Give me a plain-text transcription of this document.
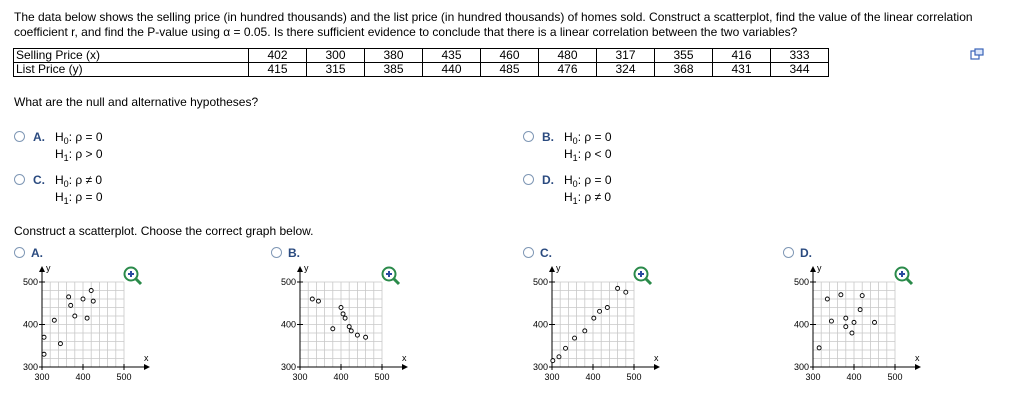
The data below shows the selling price (in hundred thousands) and the list price (in hundred thousands) of homes sold. Construct a scatterplot, find the value of the linear correlation coefficient r, and find the P-value using α = 0.05. Is there sufficient evidence to conclude that there is a linear correlation between the two variables?
Selling Price (x)	402	300	380	435	460	480	317	355	416	333
List Price (y)	415	315	385	440	485	476	324	368	431	344
What are the null and alternative hypotheses?
A. $H_0$: ρ = 0
$H_1$: ρ > 0
B. $H_0$: ρ = 0
$H_1$: ρ < 0
C. $H_0$: ρ ≠ 0
$H_1$: ρ = 0
D. $H_0$: ρ = 0
$H_1$: ρ ≠ 0
Construct a scatterplot. Choose the correct graph below.
A.	B.	C.	D.
300
400
500
300	400	500
x
y
300
400
500
300	400	500
x
y
300
400
500
300	400	500
x
y
300
400
500
300	400	500
x
y
